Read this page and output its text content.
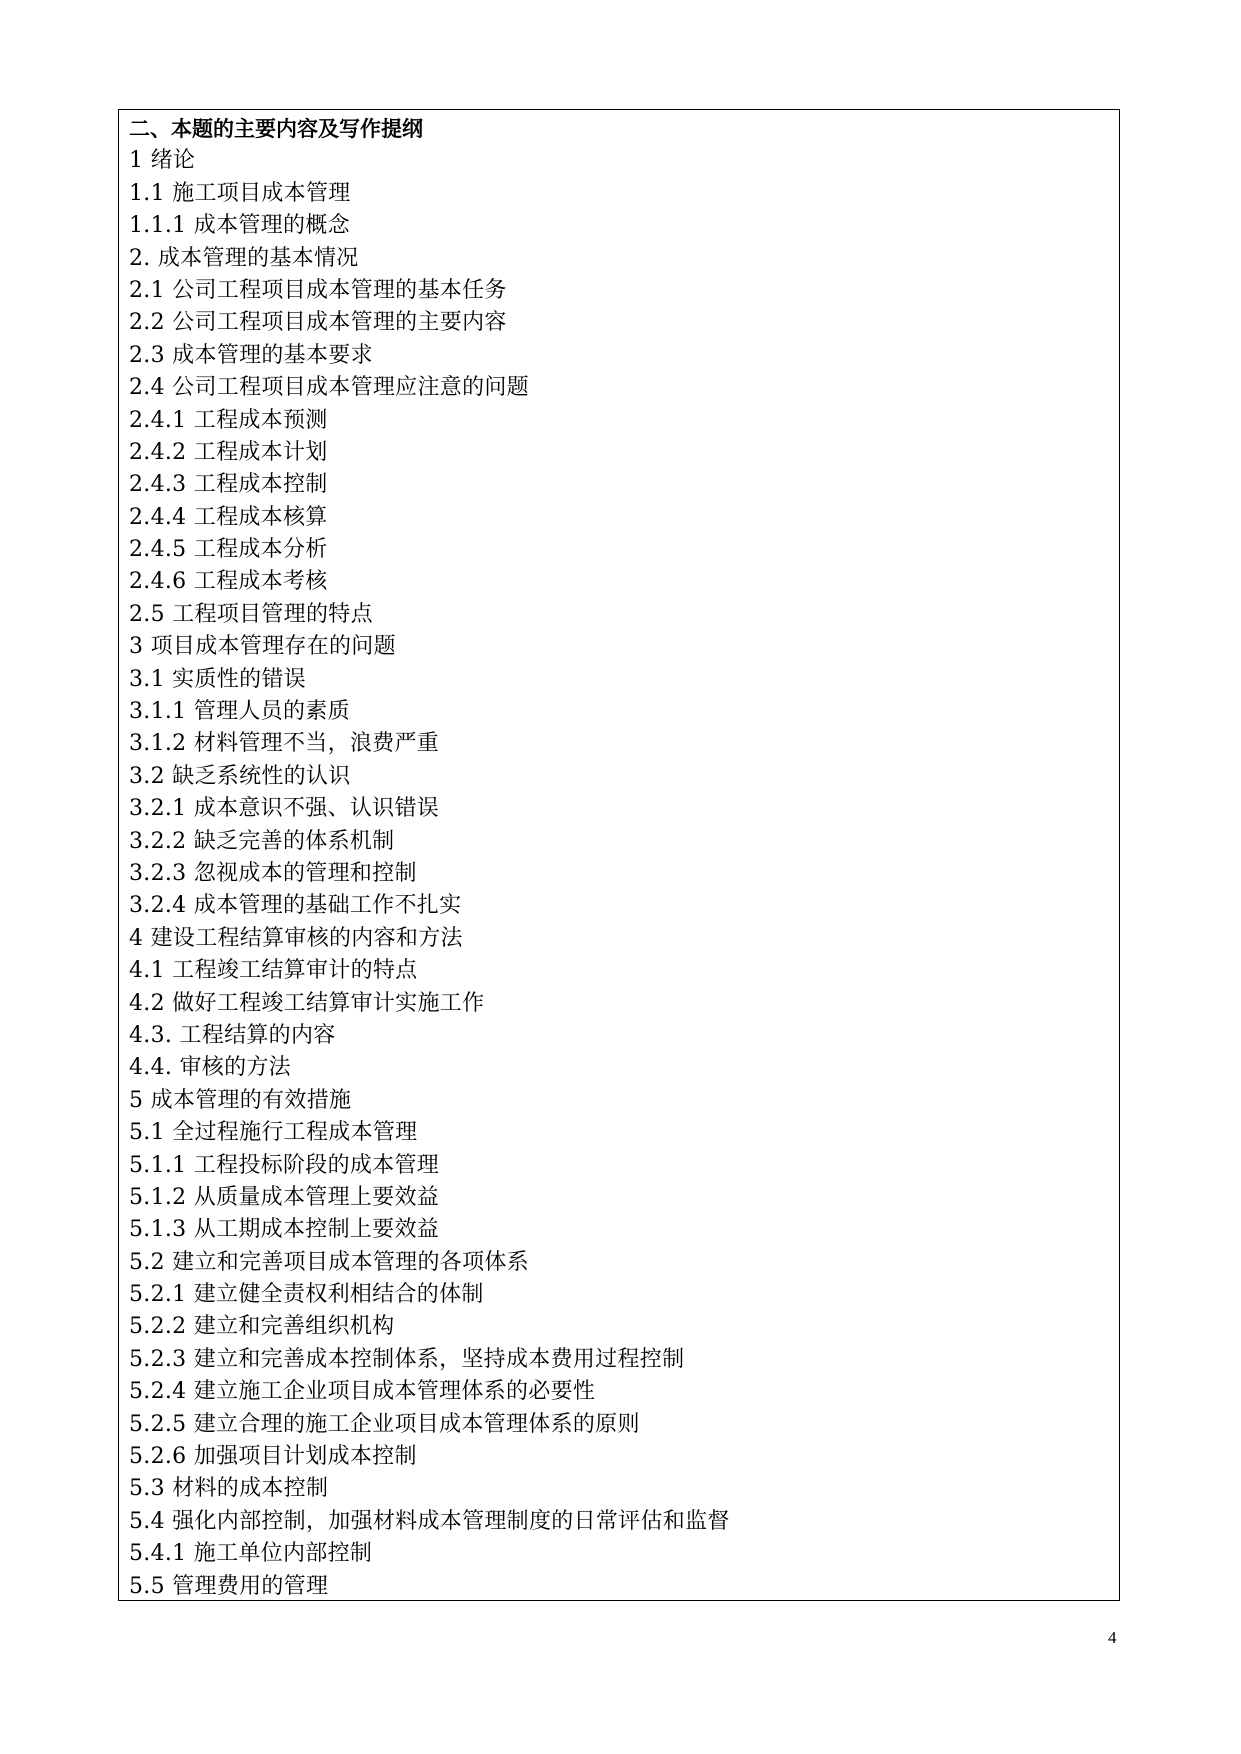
二、本题的主要内容及写作提纲
1 绪论
1.1 施工项目成本管理
1.1.1 成本管理的概念
2. 成本管理的基本情况
2.1 公司工程项目成本管理的基本任务
2.2 公司工程项目成本管理的主要内容
2.3 成本管理的基本要求
2.4 公司工程项目成本管理应注意的问题
2.4.1 工程成本预测
2.4.2 工程成本计划
2.4.3 工程成本控制
2.4.4 工程成本核算
2.4.5 工程成本分析
2.4.6 工程成本考核
2.5 工程项目管理的特点
3 项目成本管理存在的问题
3.1 实质性的错误
3.1.1 管理人员的素质
3.1.2 材料管理不当，浪费严重
3.2 缺乏系统性的认识
3.2.1 成本意识不强、认识错误
3.2.2 缺乏完善的体系机制
3.2.3 忽视成本的管理和控制
3.2.4 成本管理的基础工作不扎实
4 建设工程结算审核的内容和方法
4.1 工程竣工结算审计的特点
4.2 做好工程竣工结算审计实施工作
4.3. 工程结算的内容
4.4. 审核的方法
5 成本管理的有效措施
5.1 全过程施行工程成本管理
5.1.1 工程投标阶段的成本管理
5.1.2 从质量成本管理上要效益
5.1.3 从工期成本控制上要效益
5.2 建立和完善项目成本管理的各项体系
5.2.1 建立健全责权利相结合的体制
5.2.2 建立和完善组织机构
5.2.3 建立和完善成本控制体系，坚持成本费用过程控制
5.2.4 建立施工企业项目成本管理体系的必要性
5.2.5 建立合理的施工企业项目成本管理体系的原则
5.2.6 加强项目计划成本控制
5.3 材料的成本控制
5.4 强化内部控制，加强材料成本管理制度的日常评估和监督
5.4.1 施工单位内部控制
5.5 管理费用的管理
4
